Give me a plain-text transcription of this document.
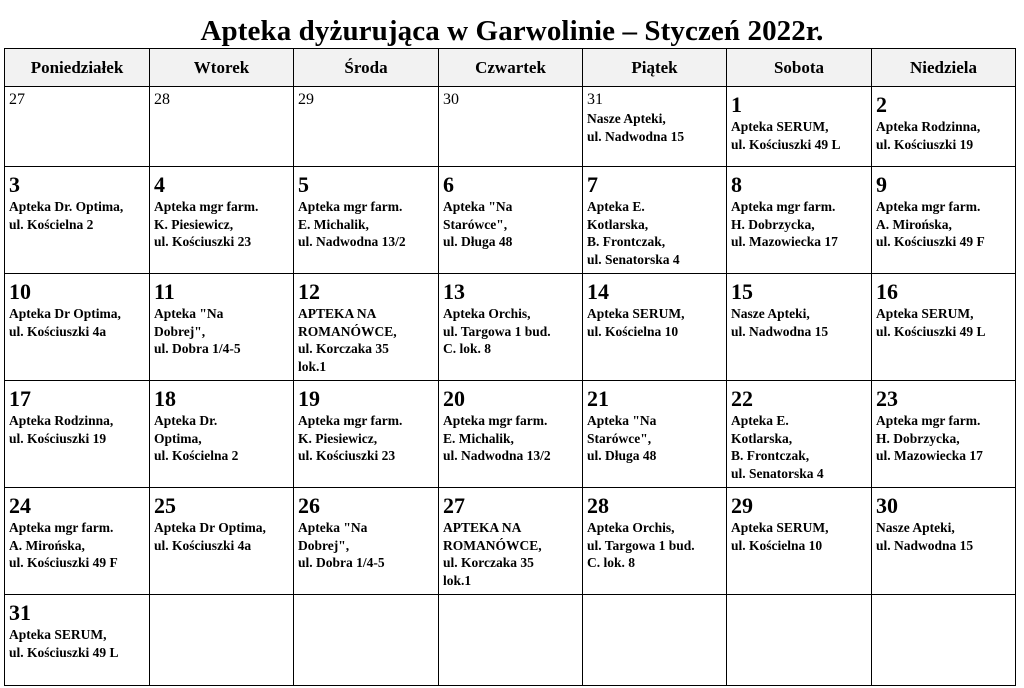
Apteka dyżurująca w Garwolinie – Styczeń 2022r.
Poniedziałek	Wtorek	Środa	Czwartek	Piątek	Sobota	Niedziela

27	28	29	30	31
Nasze Apteki,
ul. Nadwodna 15	1
Apteka SERUM,
ul. Kościuszki 49 L	2
Apteka Rodzinna,
ul. Kościuszki 19

3
Apteka Dr. Optima,
ul. Kościelna 2	4
Apteka mgr farm.
K. Piesiewicz,
ul. Kościuszki 23	5
Apteka mgr farm.
E. Michalik,
ul. Nadwodna 13/2	6
Apteka "Na
Starówce",
ul. Długa 48	7
Apteka E.
Kotlarska,
B. Frontczak,
ul. Senatorska 4	8
Apteka mgr farm.
H. Dobrzycka,
ul. Mazowiecka 17	9
Apteka mgr farm.
A. Mirońska,
ul. Kościuszki 49 F

10
Apteka Dr Optima,
ul. Kościuszki 4a	11
Apteka "Na
Dobrej",
ul. Dobra 1/4-5	12
APTEKA NA
ROMANÓWCE,
ul. Korczaka 35
lok.1	13
Apteka Orchis,
ul. Targowa 1 bud.
C. lok. 8	14
Apteka SERUM,
ul. Kościelna 10	15
Nasze Apteki,
ul. Nadwodna 15	16
Apteka SERUM,
ul. Kościuszki 49 L

17
Apteka Rodzinna,
ul. Kościuszki 19	18
Apteka Dr.
Optima,
ul. Kościelna 2	19
Apteka mgr farm.
K. Piesiewicz,
ul. Kościuszki 23	20
Apteka mgr farm.
E. Michalik,
ul. Nadwodna 13/2	21
Apteka "Na
Starówce",
ul. Długa 48	22
Apteka E.
Kotlarska,
B. Frontczak,
ul. Senatorska 4	23
Apteka mgr farm.
H. Dobrzycka,
ul. Mazowiecka 17

24
Apteka mgr farm.
A. Mirońska,
ul. Kościuszki 49 F	25
Apteka Dr Optima,
ul. Kościuszki 4a	26
Apteka "Na
Dobrej",
ul. Dobra 1/4-5	27
APTEKA NA
ROMANÓWCE,
ul. Korczaka 35
lok.1	28
Apteka Orchis,
ul. Targowa 1 bud.
C. lok. 8	29
Apteka SERUM,
ul. Kościelna 10	30
Nasze Apteki,
ul. Nadwodna 15

31
Apteka SERUM,
ul. Kościuszki 49 L						
